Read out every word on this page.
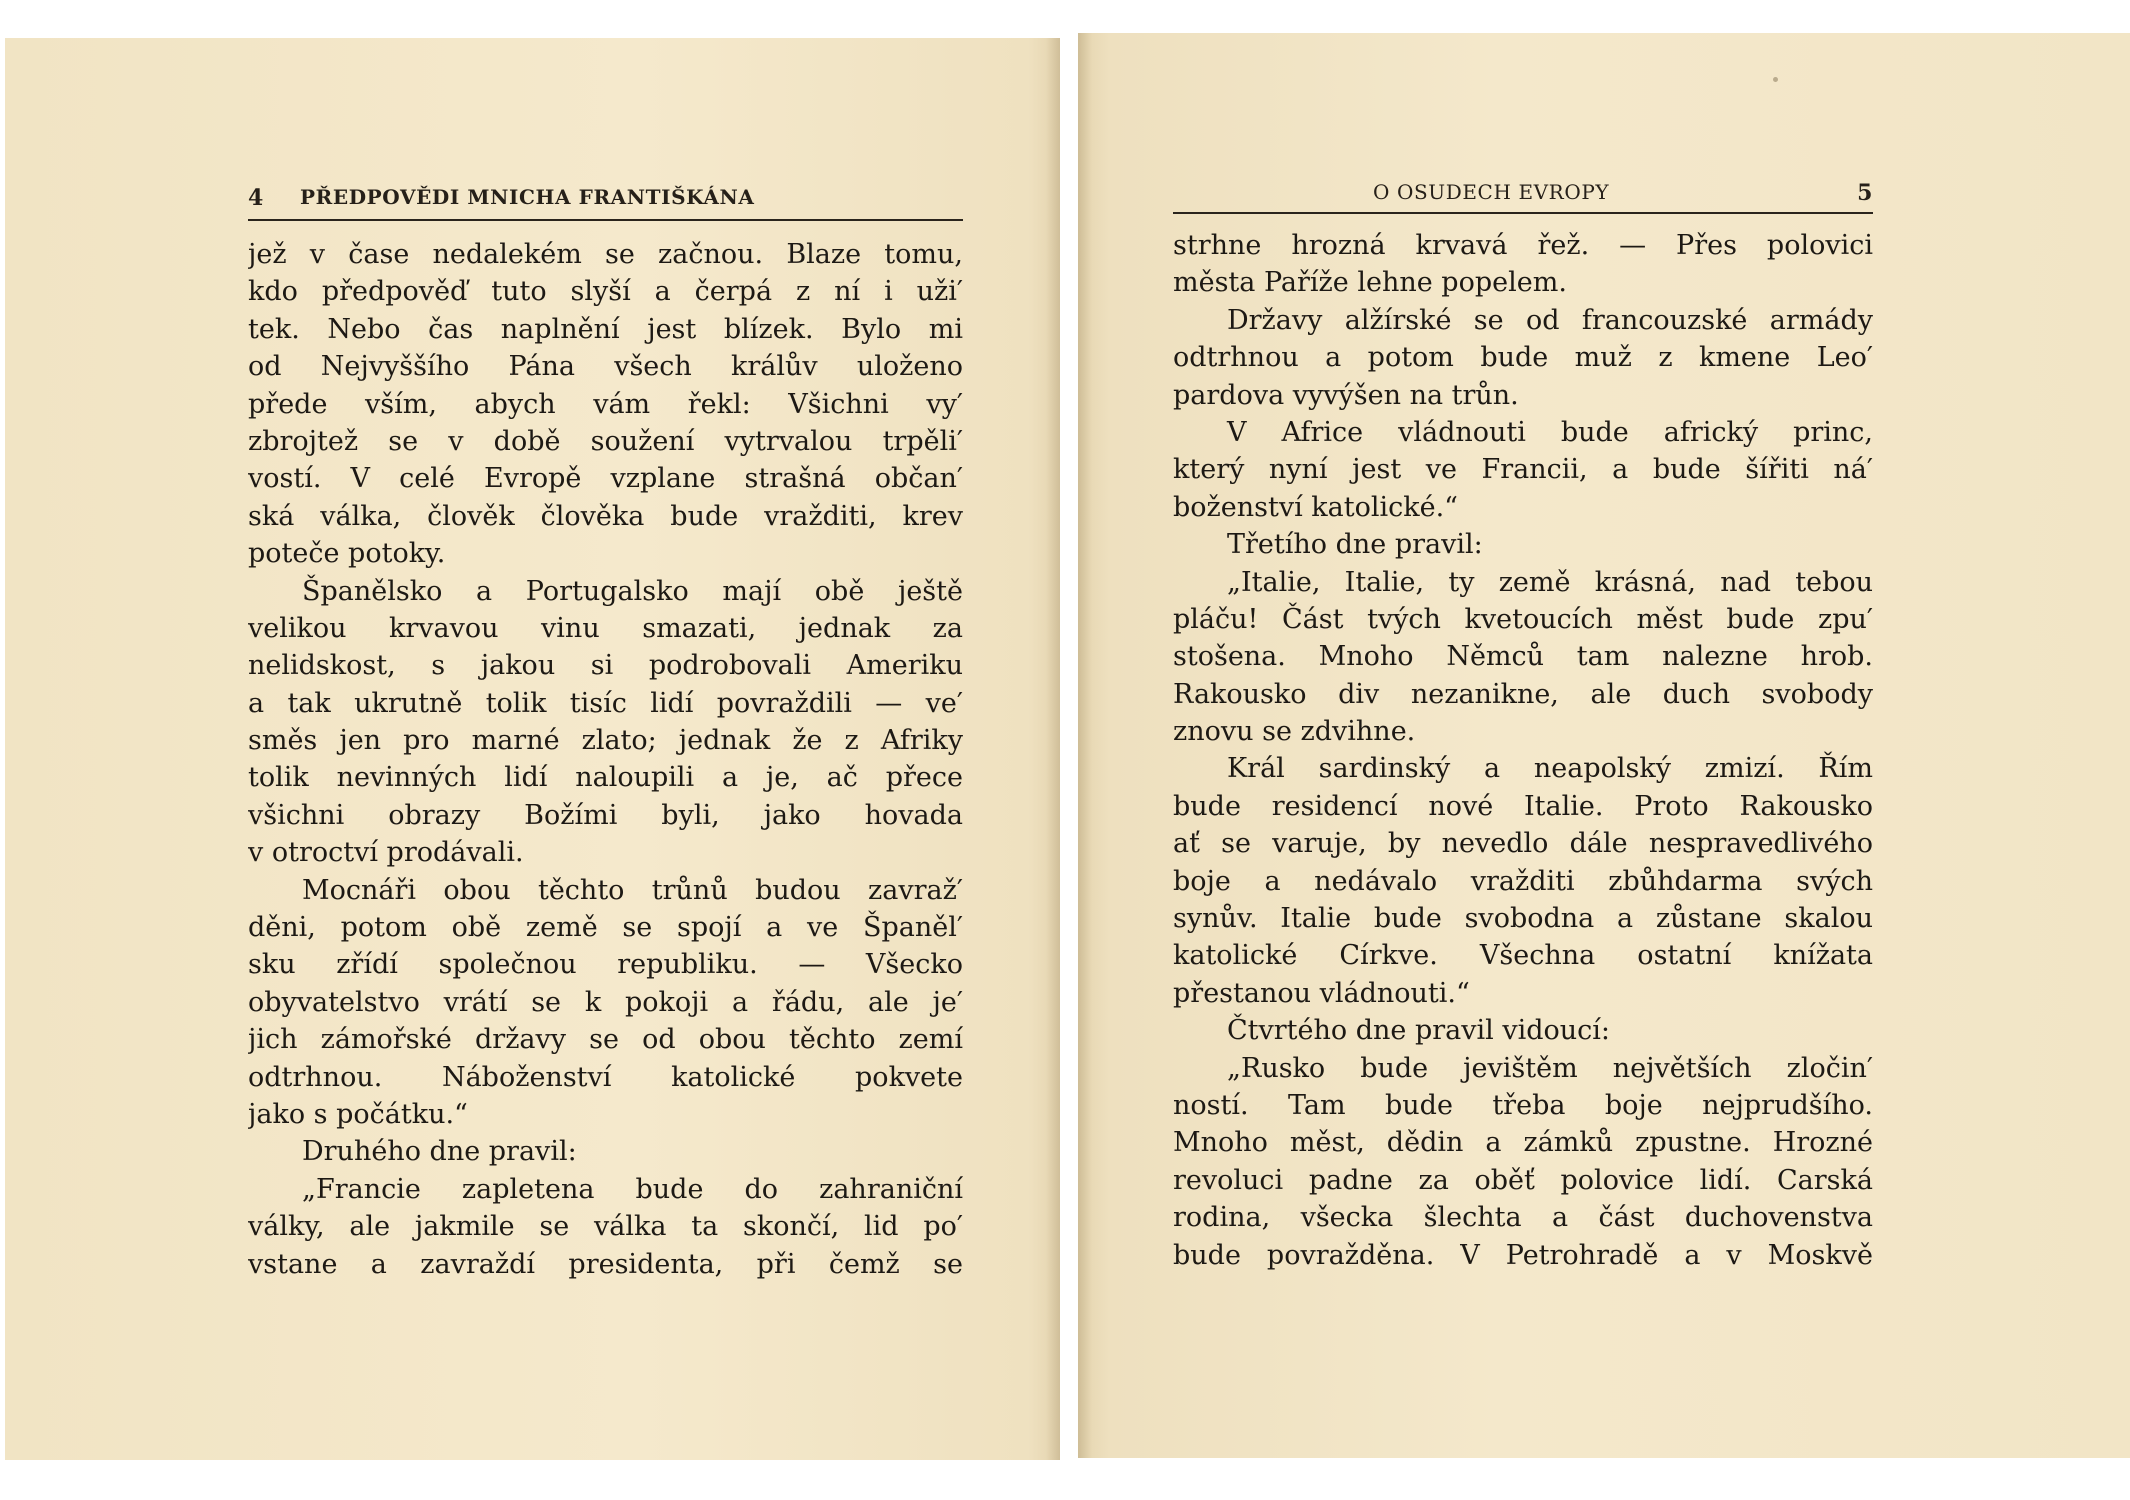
4 PŘEDPOVĚDI MNICHA FRANTIŠKÁNA
jež v čase nedalekém se začnou. Blaze tomu,
kdo předpověď tuto slyší a čerpá z ní i uži′
tek. Nebo čas naplnění jest blízek. Bylo mi
od Nejvyššího Pána všech králův uloženo
přede vším, abych vám řekl: Všichni vy′
zbrojtež se v době soužení vytrvalou trpěli′
vostí. V celé Evropě vzplane strašná občan′
ská válka, člověk člověka bude vražditi, krev
poteče potoky.
Španělsko a Portugalsko mají obě ještě
velikou krvavou vinu smazati, jednak za
nelidskost, s jakou si podrobovali Ameriku
a tak ukrutně tolik tisíc lidí povraždili — ve′
směs jen pro marné zlato; jednak že z Afriky
tolik nevinných lidí naloupili a je, ač přece
všichni obrazy Božími byli, jako hovada
v otroctví prodávali.
Mocnáři obou těchto trůnů budou zavraž′
děni, potom obě země se spojí a ve Španěl′
sku zřídí společnou republiku. — Všecko
obyvatelstvo vrátí se k pokoji a řádu, ale je′
jich zámořské državy se od obou těchto zemí
odtrhnou. Náboženství katolické pokvete
jako s počátku.“
Druhého dne pravil:
„Francie zapletena bude do zahraniční
války, ale jakmile se válka ta skončí, lid po′
vstane a zavraždí presidenta, při čemž se
O OSUDECH EVROPY	5
strhne hrozná krvavá řež. — Přes polovici
města Paříže lehne popelem.
Državy alžírské se od francouzské armády
odtrhnou a potom bude muž z kmene Leo′
pardova vyvýšen na trůn.
V Africe vládnouti bude africký princ,
který nyní jest ve Francii, a bude šířiti ná′
boženství katolické.“
Třetího dne pravil:
„Italie, Italie, ty země krásná, nad tebou
pláču! Část tvých kvetoucích měst bude zpu′
stošena. Mnoho Němců tam nalezne hrob.
Rakousko div nezanikne, ale duch svobody
znovu se zdvihne.
Král sardinský a neapolský zmizí. Řím
bude residencí nové Italie. Proto Rakousko
ať se varuje, by nevedlo dále nespravedlivého
boje a nedávalo vražditi zbůhdarma svých
synův. Italie bude svobodna a zůstane skalou
katolické Církve. Všechna ostatní knížata
přestanou vládnouti.“
Čtvrtého dne pravil vidoucí:
„Rusko bude jevištěm největších zločin′
ností. Tam bude třeba boje nejprudšího.
Mnoho měst, dědin a zámků zpustne. Hrozné
revoluci padne za oběť polovice lidí. Carská
rodina, všecka šlechta a část duchovenstva
bude povražděna. V Petrohradě a v Moskvě
